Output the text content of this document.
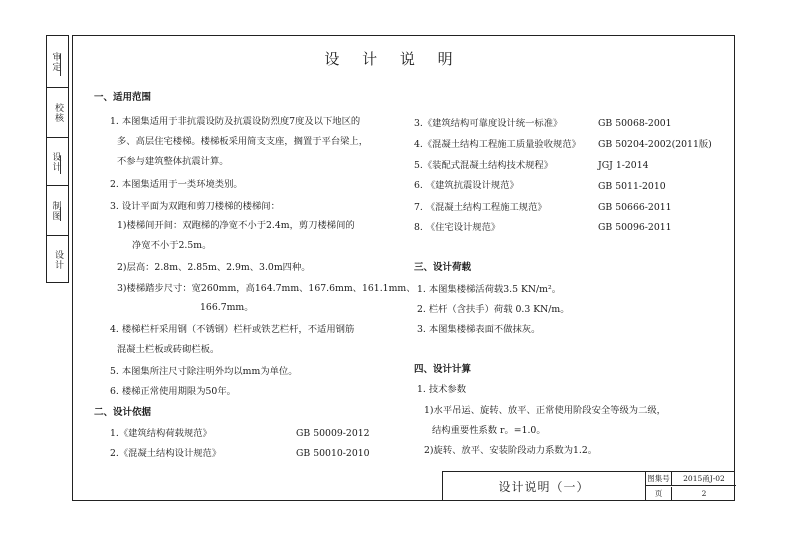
审定
校核
设计
制图
设计
设 计 说 明
一、适用范围
1. 本图集适用于非抗震设防及抗震设防烈度7度及以下地区的
多、高层住宅楼梯。楼梯板采用简支支座，搁置于平台梁上，
不参与建筑整体抗震计算。
2. 本图集适用于一类环境类别。
3. 设计平面为双跑和剪刀楼梯的楼梯间：
1)楼梯间开间：双跑梯的净宽不小于2.4m，剪刀楼梯间的
净宽不小于2.5m。
2)层高：2.8m、2.85m、2.9m、3.0m四种。
3)楼梯踏步尺寸：宽260mm，高164.7mm、167.6mm、161.1mm、
166.7mm。
4. 楼梯栏杆采用钢（不锈钢）栏杆或铁艺栏杆，不适用钢筋
混凝土栏板或砖砌栏板。
5. 本图集所注尺寸除注明外均以mm为单位。
6. 楼梯正常使用期限为50年。
二、设计依据
1.《建筑结构荷载规范》	GB 50009-2012
2.《混凝土结构设计规范》	GB 50010-2010
3.《建筑结构可靠度设计统一标准》	GB 50068-2001
4.《混凝土结构工程施工质量验收规范》 GB 50204-2002(2011版)
5.《装配式混凝土结构技术规程》	JGJ 1-2014
6. 《建筑抗震设计规范》	GB 5011-2010
7. 《混凝土结构工程施工规范》	GB 50666-2011
8. 《住宅设计规范》	GB 50096-2011
三、设计荷载
1. 本图集楼梯活荷载3.5 KN/m²。
2. 栏杆（含扶手）荷载 0.3 KN/m。
3. 本图集楼梯表面不做抹灰。
四、设计计算
1. 技术参数
1)水平吊运、旋转、放平、正常使用阶段安全等级为二级，
结构重要性系数 r。=1.0。
2)旋转、放平、安装阶段动力系数为1.2。
设计说明（一）
图集号	2015甬J-02
页	2
